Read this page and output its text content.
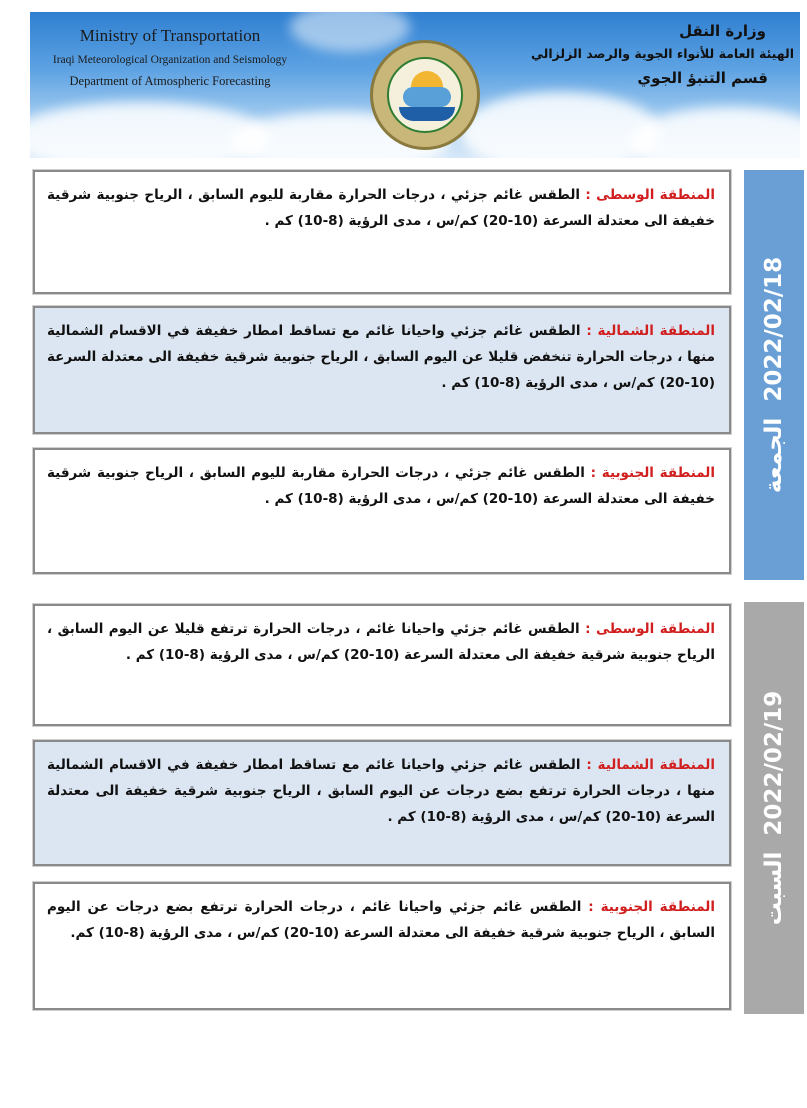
Ministry of Transportation
Iraqi Meteorological Organization and Seismology
Department of Atmospheric Forecasting
وزارة النقل
الهيئة العامة للأنواء الجوية والرصد الزلزالي
قسم التنبؤ الجوي
المنطقة الوسطى : الطقس غائم جزئي ، درجات الحرارة مقاربة لليوم السابق ، الرياح جنوبية شرقية خفيفة الى معتدلة السرعة (10-20) كم/س ، مدى الرؤية (8-10) كم .
المنطقة الشمالية : الطقس غائم جزئي واحيانا غائم مع تساقط امطار خفيفة في الاقسام الشمالية منها ، درجات الحرارة تنخفض قليلا عن اليوم السابق ، الرياح جنوبية شرقية خفيفة الى معتدلة السرعة (10-20) كم/س ، مدى الرؤية (8-10) كم .
المنطقة الجنوبية : الطقس غائم جزئي ، درجات الحرارة مقاربة لليوم السابق ، الرياح جنوبية شرقية خفيفة الى معتدلة السرعة (10-20) كم/س ، مدى الرؤية (8-10) كم .
الجمعة  2022/02/18
المنطقة الوسطى : الطقس غائم جزئي واحيانا غائم ، درجات الحرارة ترتفع قليلا عن اليوم السابق ، الرياح جنوبية شرقية خفيفة الى معتدلة السرعة (10-20) كم/س ، مدى الرؤية (8-10) كم .
المنطقة الشمالية : الطقس غائم جزئي واحيانا غائم مع تساقط امطار خفيفة في الاقسام الشمالية منها ، درجات الحرارة ترتفع بضع درجات عن اليوم السابق ، الرياح جنوبية شرقية خفيفة الى معتدلة السرعة (10-20) كم/س ، مدى الرؤية (8-10) كم .
المنطقة الجنوبية : الطقس غائم جزئي واحيانا غائم ، درجات الحرارة ترتفع بضع درجات عن اليوم السابق ، الرياح جنوبية شرقية خفيفة الى معتدلة السرعة (10-20) كم/س ، مدى الرؤية (8-10) كم.
السبت  2022/02/19
